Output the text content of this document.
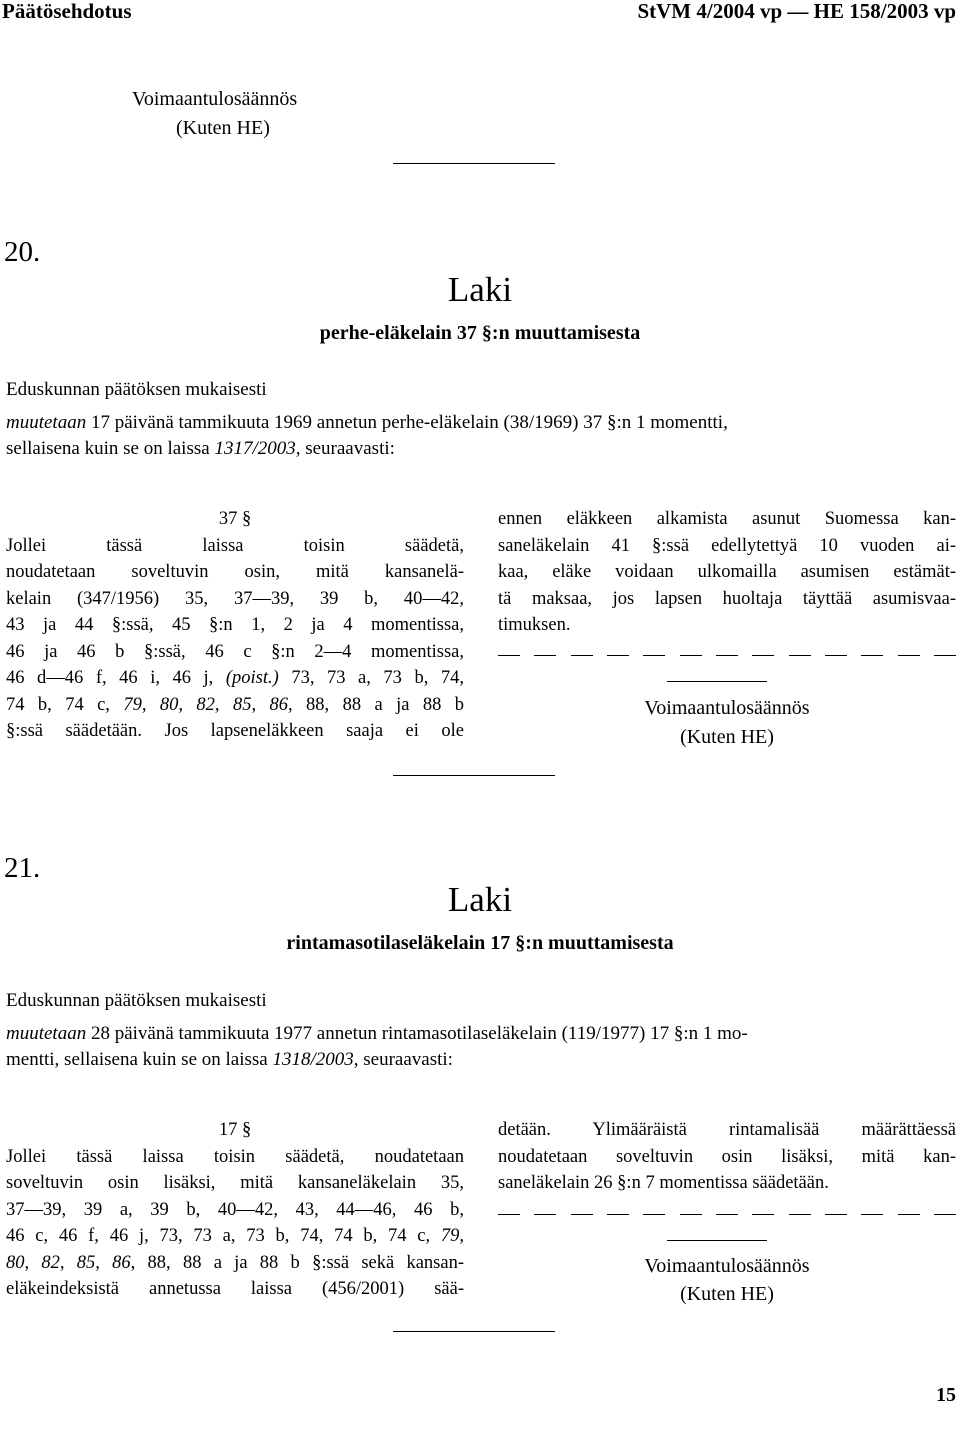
Päätösehdotus	StVM 4/2004 vp — HE 158/2003 vp
Voimaantulosäännös
(Kuten HE)
20.
Laki
perhe-eläkelain 37 §:n muuttamisesta
Eduskunnan päätöksen mukaisesti
muutetaan 17 päivänä tammikuuta 1969 annetun perhe-eläkelain (38/1969) 37 §:n 1 momentti,
sellaisena kuin se on laissa 1317/2003, seuraavasti:
37 §
Jollei tässä laissa toisin säädetä,
noudatetaan soveltuvin osin, mitä kansanelä-
kelain (347/1956) 35, 37—39, 39 b, 40—42,
43 ja 44 §:ssä, 45 §:n 1, 2 ja 4 momentissa,
46 ja 46 b §:ssä, 46 c §:n 2—4 momentissa,
46 d—46 f, 46 i, 46 j, (poist.) 73, 73 a, 73 b, 74,
74 b, 74 c, 79, 80, 82, 85, 86, 88, 88 a ja 88 b
§:ssä säädetään. Jos lapseneläkkeen saaja ei ole
ennen eläkkeen alkamista asunut Suomessa kan-
saneläkelain 41 §:ssä edellytettyä 10 vuoden ai-
kaa, eläke voidaan ulkomailla asumisen estämät-
tä maksaa, jos lapsen huoltaja täyttää asumisvaa-
timuksen.
Voimaantulosäännös
(Kuten HE)
21.
Laki
rintamasotilaseläkelain 17 §:n muuttamisesta
Eduskunnan päätöksen mukaisesti
muutetaan 28 päivänä tammikuuta 1977 annetun rintamasotilaseläkelain (119/1977) 17 §:n 1 mo-
mentti, sellaisena kuin se on laissa 1318/2003, seuraavasti:
17 §
Jollei tässä laissa toisin säädetä, noudatetaan
soveltuvin osin lisäksi, mitä kansaneläkelain 35,
37—39, 39 a, 39 b, 40—42, 43, 44—46, 46 b,
46 c, 46 f, 46 j, 73, 73 a, 73 b, 74, 74 b, 74 c, 79,
80, 82, 85, 86, 88, 88 a ja 88 b §:ssä sekä kansan-
eläkeindeksistä annetussa laissa (456/2001) sää-
detään. Ylimääräistä rintamalisää määrättäessä
noudatetaan soveltuvin osin lisäksi, mitä kan-
saneläkelain 26 §:n 7 momentissa säädetään.
Voimaantulosäännös
(Kuten HE)
15
